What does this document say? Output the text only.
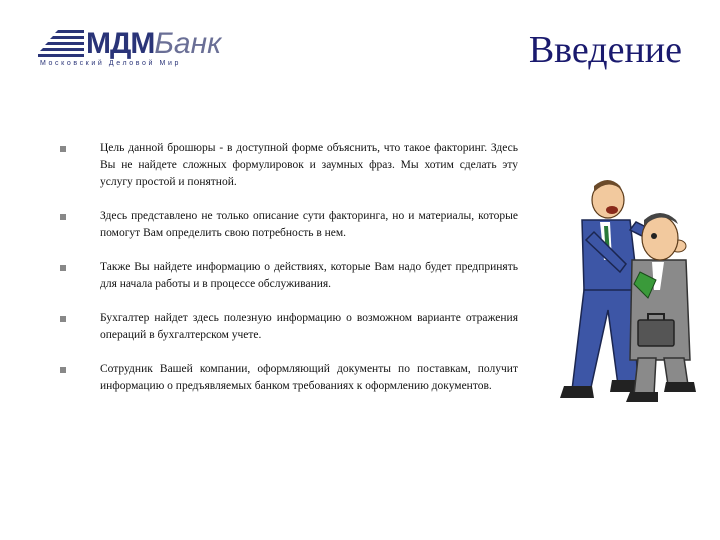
МДМБанк
Московский Деловой Мир	Введение

Цель данной брошюры - в доступной форме объяснить, что такое факторинг. Здесь Вы не найдете сложных формулировок и заумных фраз. Мы хотим сделать эту услугу простой и понятной.

Здесь представлено не только описание сути факторинга, но и материалы, которые помогут Вам определить свою потребность в нем.

Также Вы найдете информацию о действиях, которые Вам надо будет предпринять для начала работы и в процессе обслуживания.

Бухгалтер найдет здесь полезную информацию о возможном варианте отражения операций в бухгалтерском учете.

Сотрудник Вашей компании, оформляющий документы по поставкам, получит информацию о предъявляемых банком требованиях к оформлению документов.
